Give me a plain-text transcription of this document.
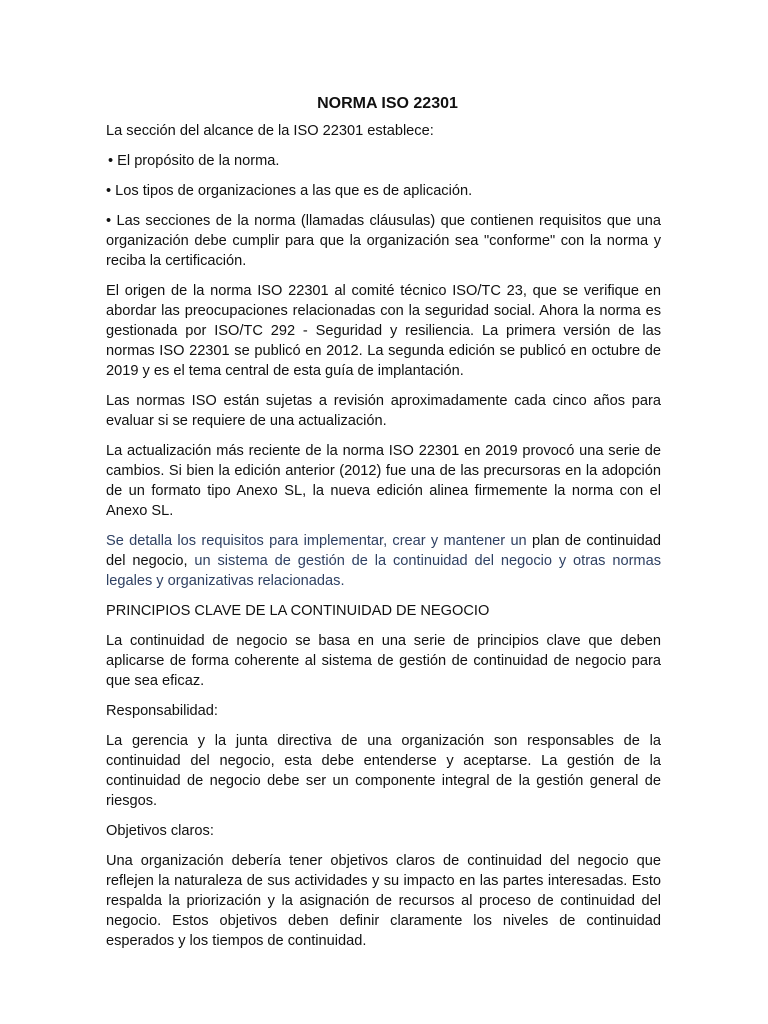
NORMA ISO 22301

La sección del alcance de la ISO 22301 establece:

• El propósito de la norma.

• Los tipos de organizaciones a las que es de aplicación.

• Las secciones de la norma (llamadas cláusulas) que contienen requisitos que una organización debe cumplir para que la organización sea "conforme" con la norma y reciba la certificación.

El origen de la norma ISO 22301 al comité técnico ISO/TC 23, que se verifique en abordar las preocupaciones relacionadas con la seguridad social. Ahora la norma es gestionada por ISO/TC 292 - Seguridad y resiliencia. La primera versión de las normas ISO 22301 se publicó en 2012. La segunda edición se publicó en octubre de 2019 y es el tema central de esta guía de implantación.

Las normas ISO están sujetas a revisión aproximadamente cada cinco años para evaluar si se requiere de una actualización.

La actualización más reciente de la norma ISO 22301 en 2019 provocó una serie de cambios. Si bien la edición anterior (2012) fue una de las precursoras en la adopción de un formato tipo Anexo SL, la nueva edición alinea firmemente la norma con el Anexo SL.

Se detalla los requisitos para implementar, crear y mantener un plan de continuidad del negocio, un sistema de gestión de la continuidad del negocio y otras normas legales y organizativas relacionadas.

PRINCIPIOS CLAVE DE LA CONTINUIDAD DE NEGOCIO

La continuidad de negocio se basa en una serie de principios clave que deben aplicarse de forma coherente al sistema de gestión de continuidad de negocio para que sea eficaz.

Responsabilidad:

La gerencia y la junta directiva de una organización son responsables de la continuidad del negocio, esta debe entenderse y aceptarse. La gestión de la continuidad de negocio debe ser un componente integral de la gestión general de riesgos.

Objetivos claros:

Una organización debería tener objetivos claros de continuidad del negocio que reflejen la naturaleza de sus actividades y su impacto en las partes interesadas. Esto respalda la priorización y la asignación de recursos al proceso de continuidad del negocio. Estos objetivos deben definir claramente los niveles de continuidad esperados y los tiempos de continuidad.
